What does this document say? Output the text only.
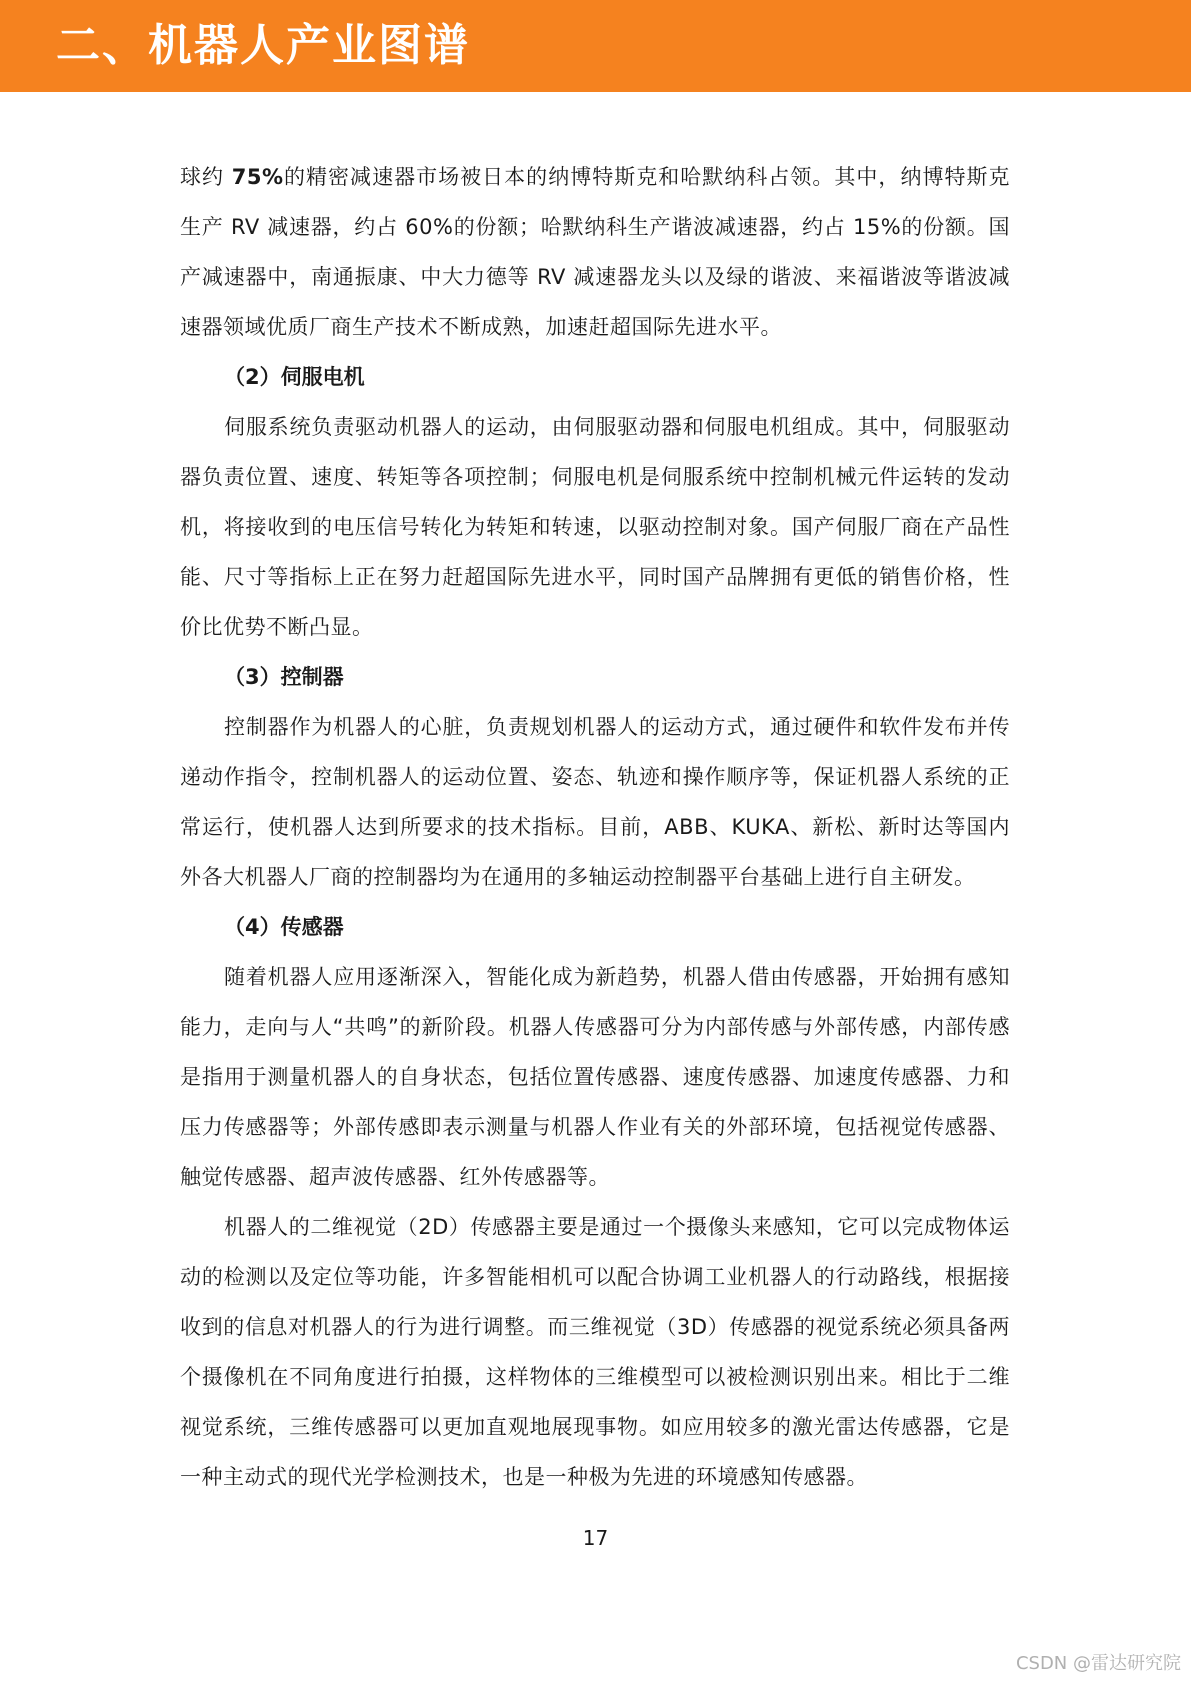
二、机器人产业图谱

球约 75%的精密减速器市场被日本的纳博特斯克和哈默纳科占领。其中，纳博特斯克生产 RV 减速器，约占 60%的份额；哈默纳科生产谐波减速器，约占 15%的份额。国产减速器中，南通振康、中大力德等 RV 减速器龙头以及绿的谐波、来福谐波等谐波减速器领域优质厂商生产技术不断成熟，加速赶超国际先进水平。

（2）伺服电机

伺服系统负责驱动机器人的运动，由伺服驱动器和伺服电机组成。其中，伺服驱动器负责位置、速度、转矩等各项控制；伺服电机是伺服系统中控制机械元件运转的发动机，将接收到的电压信号转化为转矩和转速，以驱动控制对象。国产伺服厂商在产品性能、尺寸等指标上正在努力赶超国际先进水平，同时国产品牌拥有更低的销售价格，性价比优势不断凸显。

（3）控制器

控制器作为机器人的心脏，负责规划机器人的运动方式，通过硬件和软件发布并传递动作指令，控制机器人的运动位置、姿态、轨迹和操作顺序等，保证机器人系统的正常运行，使机器人达到所要求的技术指标。目前，ABB、KUKA、新松、新时达等国内外各大机器人厂商的控制器均为在通用的多轴运动控制器平台基础上进行自主研发。

（4）传感器

随着机器人应用逐渐深入，智能化成为新趋势，机器人借由传感器，开始拥有感知能力，走向与人“共鸣”的新阶段。机器人传感器可分为内部传感与外部传感，内部传感是指用于测量机器人的自身状态，包括位置传感器、速度传感器、加速度传感器、力和压力传感器等；外部传感即表示测量与机器人作业有关的外部环境，包括视觉传感器、触觉传感器、超声波传感器、红外传感器等。

机器人的二维视觉（2D）传感器主要是通过一个摄像头来感知，它可以完成物体运动的检测以及定位等功能，许多智能相机可以配合协调工业机器人的行动路线，根据接收到的信息对机器人的行为进行调整。而三维视觉（3D）传感器的视觉系统必须具备两个摄像机在不同角度进行拍摄，这样物体的三维模型可以被检测识别出来。相比于二维视觉系统，三维传感器可以更加直观地展现事物。如应用较多的激光雷达传感器，它是一种主动式的现代光学检测技术，也是一种极为先进的环境感知传感器。

17
CSDN @雷达研究院
